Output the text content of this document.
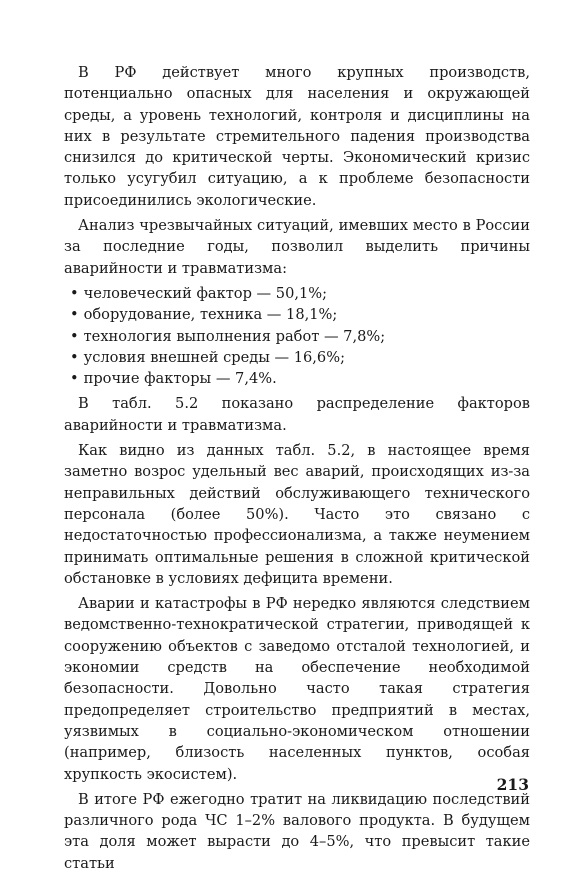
В РФ действует много крупных производств, потенциально опасных для населения и окружающей среды, а уровень технологий, контроля и дисциплины на них в результате стремительного падения производства снизился до критической черты. Экономический кризис только усугубил ситуацию, а к проблеме безопасности присоединились экологические.

Анализ чрезвычайных ситуаций, имевших место в России за последние годы, позволил выделить причины аварийности и травматизма:

• человеческий фактор — 50,1%;
• оборудование, техника — 18,1%;
• технология выполнения работ — 7,8%;
• условия внешней среды — 16,6%;
• прочие факторы — 7,4%.

В табл. 5.2 показано распределение факторов аварийности и травматизма.

Как видно из данных табл. 5.2, в настоящее время заметно возрос удельный вес аварий, происходящих из-за неправильных действий обслуживающего технического персонала (более 50%). Часто это связано с недостаточностью профессионализма, а также неумением принимать оптимальные решения в сложной критической обстановке в условиях дефицита времени.

Аварии и катастрофы в РФ нередко являются следствием ведомственно-технократической стратегии, приводящей к сооружению объектов с заведомо отсталой технологией, и экономии средств на обеспечение необходимой безопасности. Довольно часто такая стратегия предопределяет строительство предприятий в местах, уязвимых в социально-экономическом отношении (например, близость населенных пунктов, особая хрупкость экосистем).

В итоге РФ ежегодно тратит на ликвидацию последствий различного рода ЧС 1–2% валового продукта. В будущем эта доля может вырасти до 4–5%, что превысит такие статьи

213
